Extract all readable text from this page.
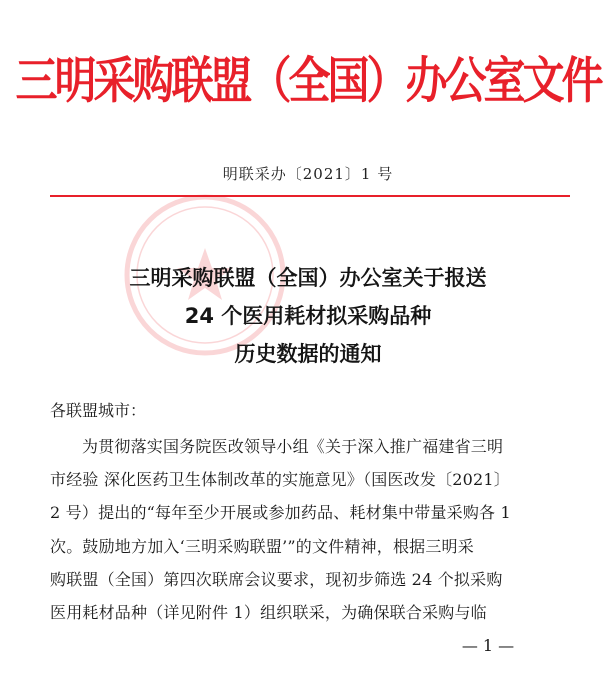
三明采购联盟（全国）办公室文件
明联采办〔2021〕1 号
三明采购联盟（全国）办公室关于报送
24 个医用耗材拟采购品种
历史数据的通知
各联盟城市：
为贯彻落实国务院医改领导小组《关于深入推广福建省三明
市经验 深化医药卫生体制改革的实施意见》（国医改发〔2021〕
2 号）提出的“每年至少开展或参加药品、耗材集中带量采购各 1
次。鼓励地方加入‘三明采购联盟’”的文件精神，根据三明采
购联盟（全国）第四次联席会议要求，现初步筛选 24 个拟采购
医用耗材品种（详见附件 1）组织联采，为确保联合采购与临
— 1 —
